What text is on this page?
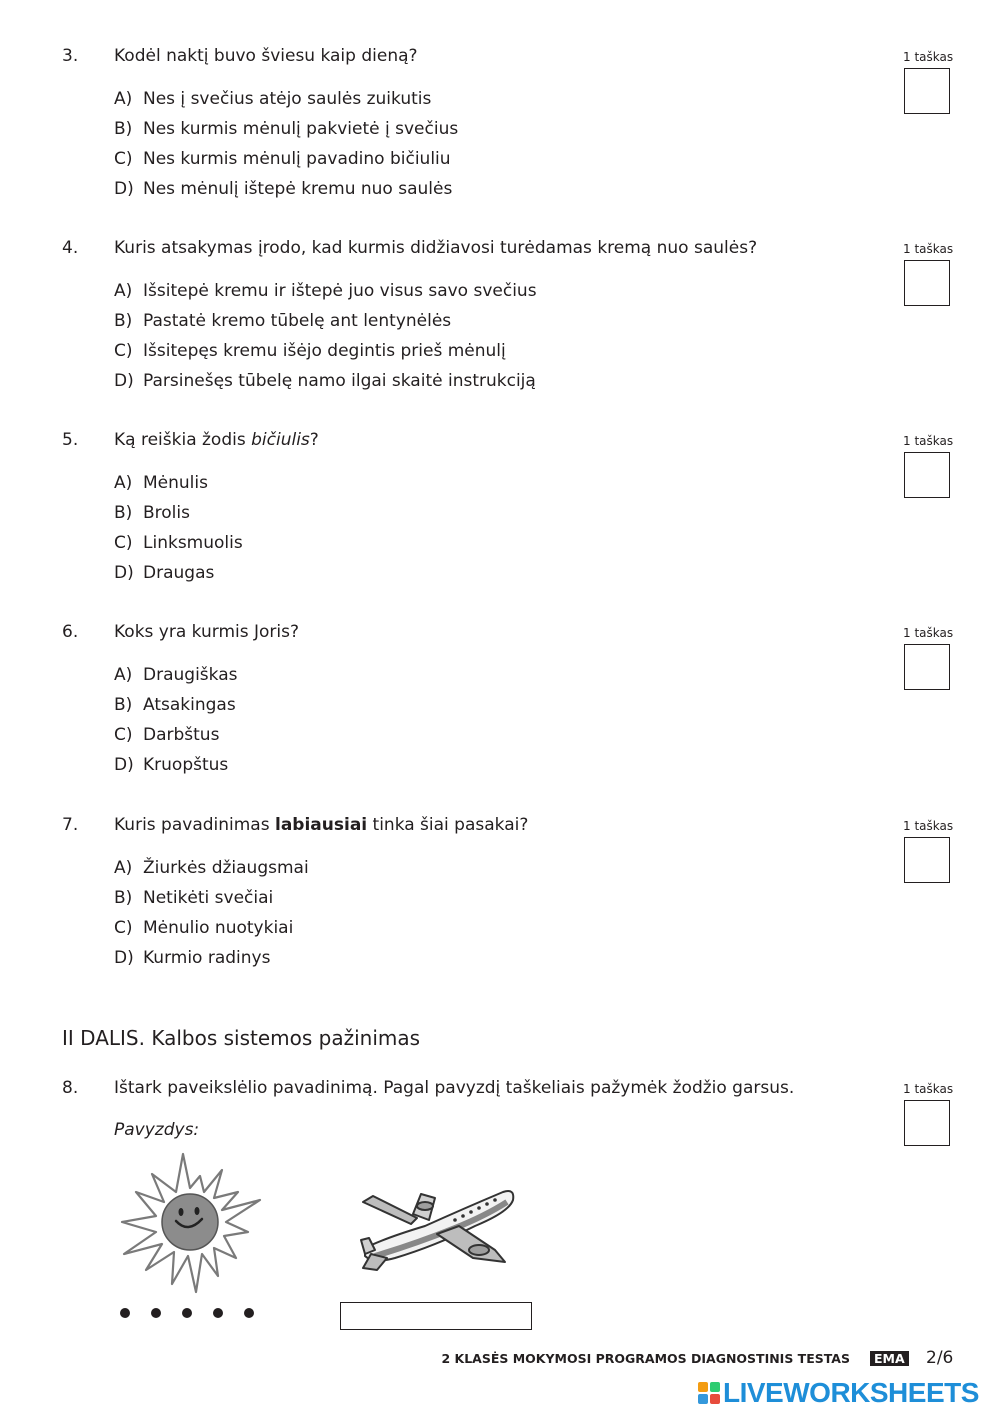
3. Kodėl naktį buvo šviesu kaip dieną?	1 taškas
A) Nes į svečius atėjo saulės zuikutis
B) Nes kurmis mėnulį pakvietė į svečius
C) Nes kurmis mėnulį pavadino bičiuliu
D) Nes mėnulį ištepė kremu nuo saulės
4. Kuris atsakymas įrodo, kad kurmis didžiavosi turėdamas kremą nuo saulės?	1 taškas
A) Išsitepė kremu ir ištepė juo visus savo svečius
B) Pastatė kremo tūbelę ant lentynėlės
C) Išsitepęs kremu išėjo degintis prieš mėnulį
D) Parsinešęs tūbelę namo ilgai skaitė instrukciją
5. Ką reiškia žodis bičiulis?	1 taškas
A) Mėnulis
B) Brolis
C) Linksmuolis
D) Draugas
6. Koks yra kurmis Joris?	1 taškas
A) Draugiškas
B) Atsakingas
C) Darbštus
D) Kruopštus
7. Kuris pavadinimas labiausiai tinka šiai pasakai?	1 taškas
A) Žiurkės džiaugsmai
B) Netikėti svečiai
C) Mėnulio nuotykiai
D) Kurmio radinys
II DALIS. Kalbos sistemos pažinimas
8. Ištark paveikslėlio pavadinimą. Pagal pavyzdį taškeliais pažymėk žodžio garsus.	1 taškas
Pavyzdys:
2 KLASĖS MOKYMOSI PROGRAMOS DIAGNOSTINIS TESTAS	EMA 2/6
LIVEWORKSHEETS
